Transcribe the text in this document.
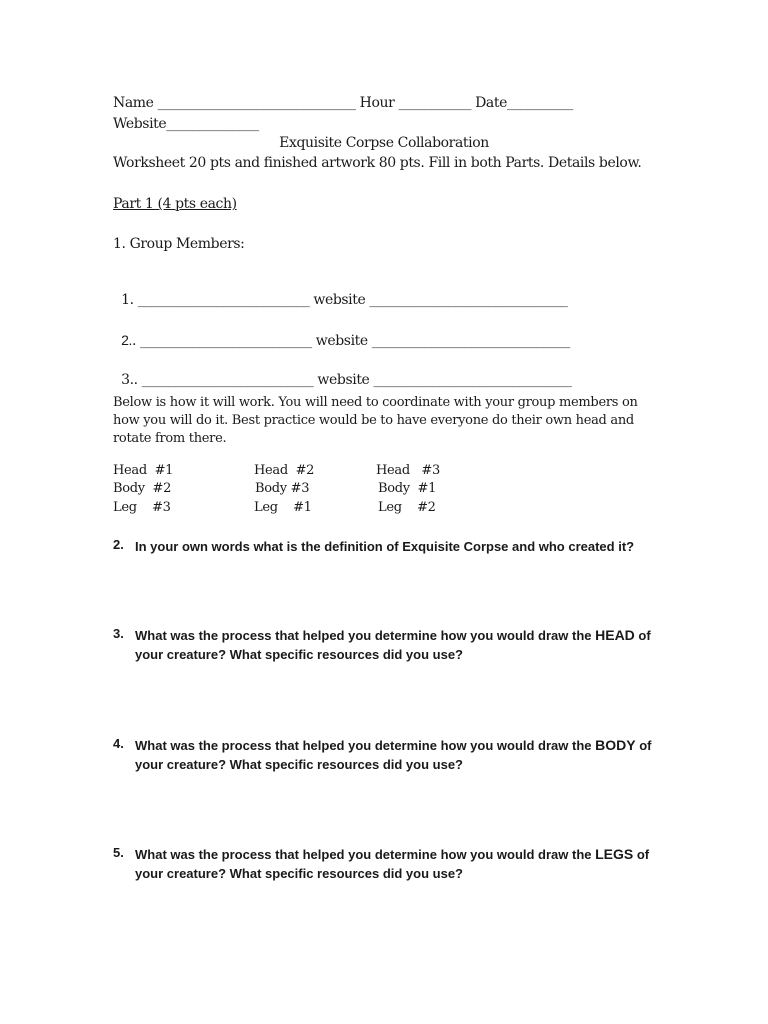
Name ______________________________ Hour ___________ Date__________
Website______________
Exquisite Corpse Collaboration
Worksheet 20 pts and finished artwork 80 pts. Fill in both Parts. Details below.
Part 1 (4 pts each)
1. Group Members:

1. __________________________ website ______________________________

2.. __________________________ website ______________________________

3.. __________________________ website ______________________________

Below is how it will work. You will need to coordinate with your group members on how you will do it. Best practice would be to have everyone do their own head and rotate from there.
Head  #1
Body  #2
Leg    #3
Head  #2
Body #3
Leg    #1
Head   #3
Body  #1
Leg    #2
2. In your own words what is the definition of Exquisite Corpse and who created it?
3. What was the process that helped you determine how you would draw the HEAD of your creature? What specific resources did you use?
4. What was the process that helped you determine how you would draw the BODY of your creature? What specific resources did you use?
5. What was the process that helped you determine how you would draw the LEGS of your creature? What specific resources did you use?
